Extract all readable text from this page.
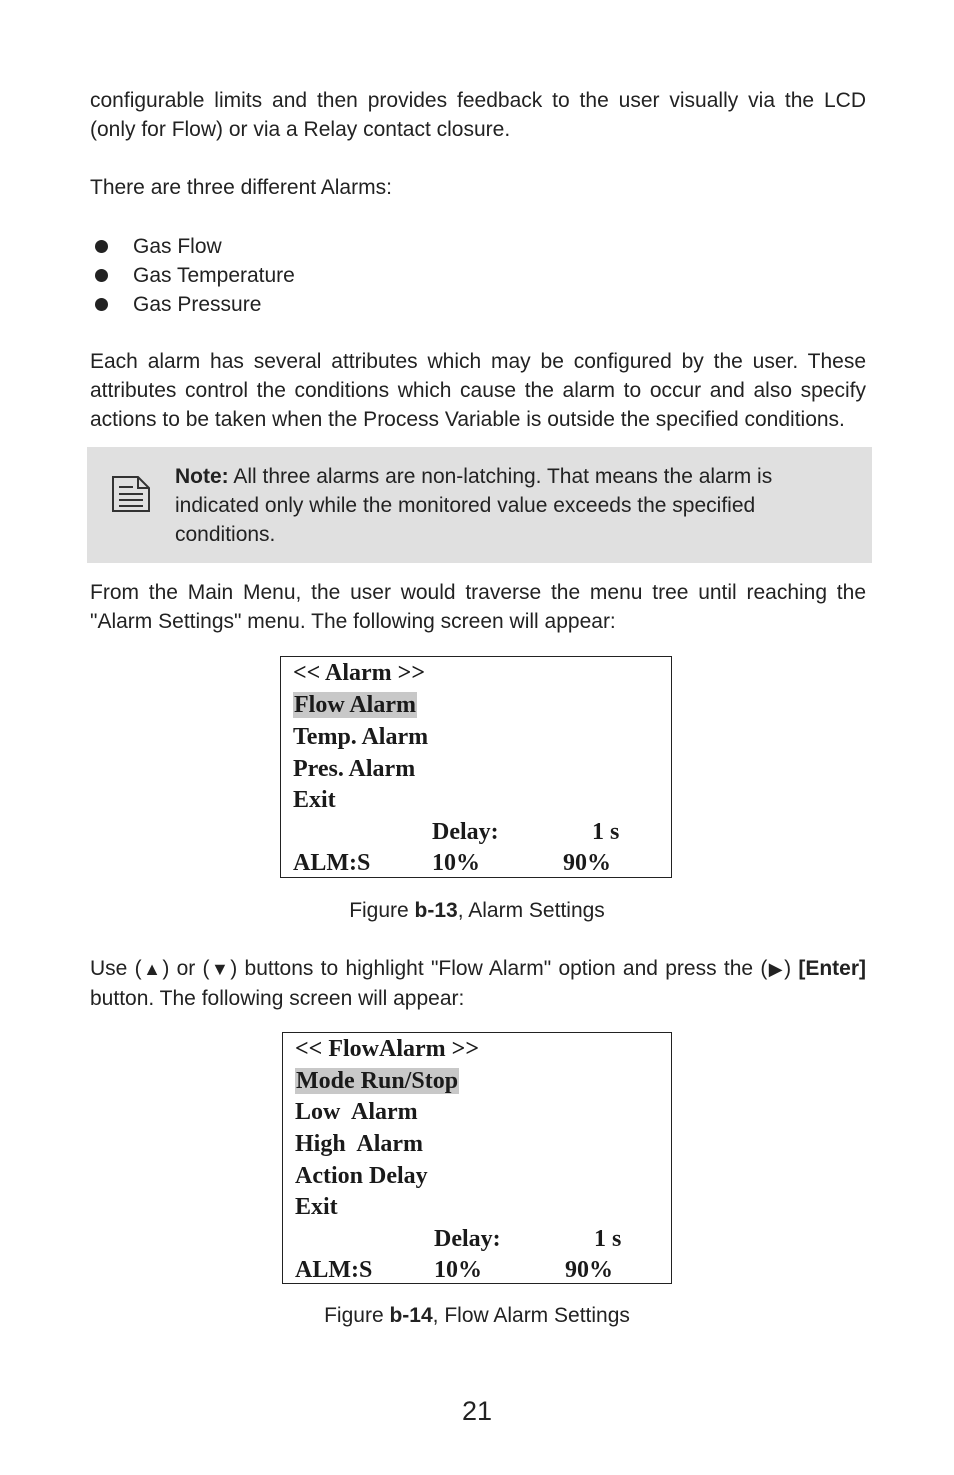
configurable limits and then provides feedback to the user visually via the LCD (only for Flow) or via a Relay contact closure.

There are three different Alarms:

Gas Flow
Gas Temperature
Gas Pressure

Each alarm has several attributes which may be configured by the user. These attributes control the conditions which cause the alarm to occur and also specify actions to be taken when the Process Variable is outside the specified conditions.

Note: All three alarms are non-latching. That means the alarm is indicated only while the monitored value exceeds the specified conditions.

From the Main Menu, the user would traverse the menu tree until reaching the "Alarm Settings" menu. The following screen will appear:

<< Alarm >>
Flow Alarm
Temp. Alarm
Pres. Alarm
Exit
Delay:	1 s
ALM:S	10%	90%

Figure b-13, Alarm Settings

Use (▲) or (▼) buttons to highlight "Flow Alarm" option and press the (▶) [Enter] button. The following screen will appear:

<< FlowAlarm >>
Mode Run/Stop
Low  Alarm
High  Alarm
Action Delay
Exit
Delay:	1 s
ALM:S	10%	90%

Figure b-14, Flow Alarm Settings

21
